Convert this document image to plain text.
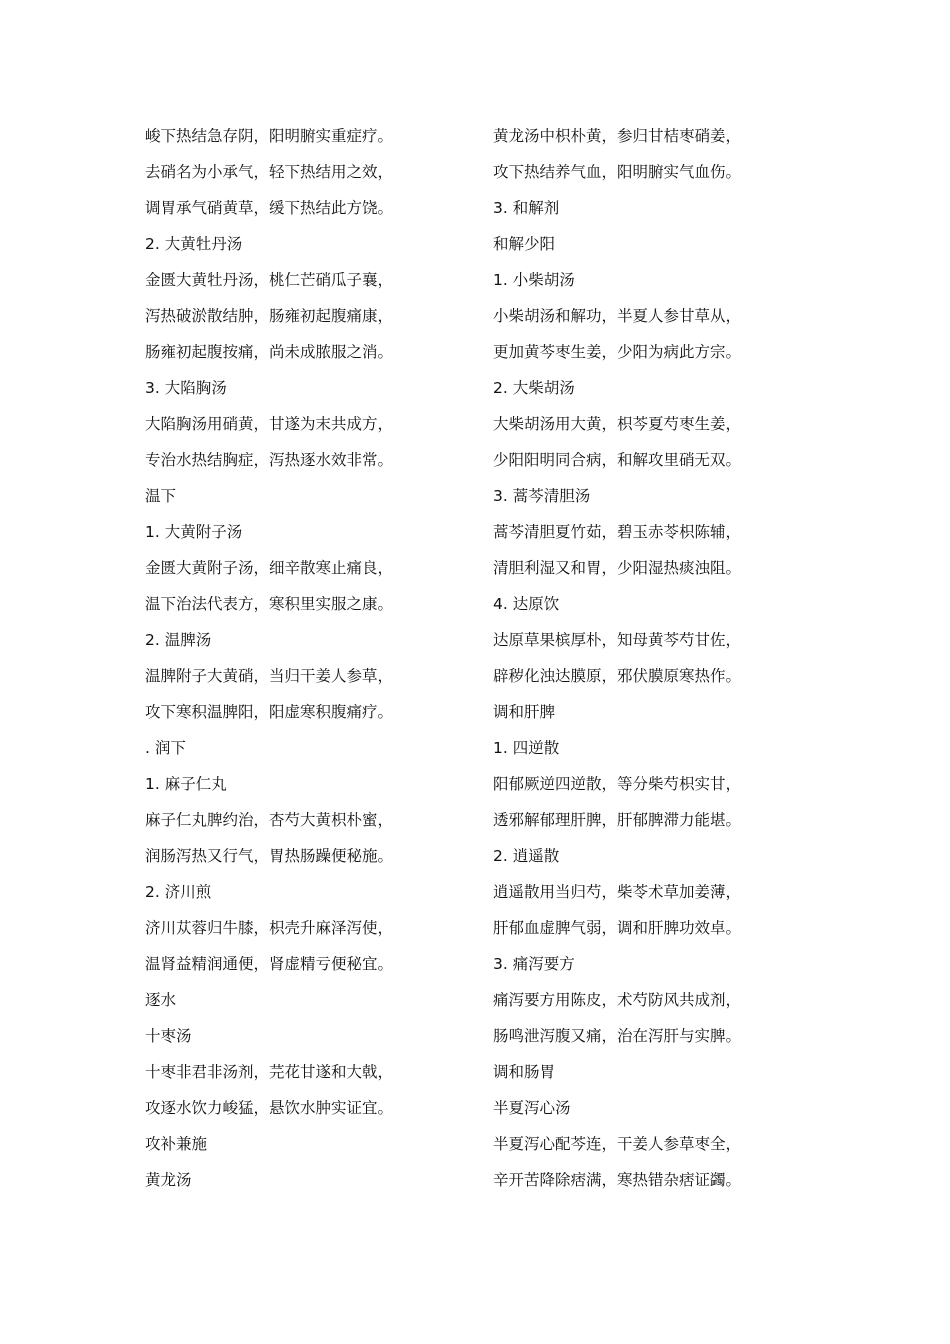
峻下热结急存阴，阳明腑实重症疗。
去硝名为小承气，轻下热结用之效，
调胃承气硝黄草，缓下热结此方饶。
2. 大黄牡丹汤
金匮大黄牡丹汤，桃仁芒硝瓜子襄，
泻热破淤散结肿，肠雍初起腹痛康，
肠雍初起腹按痛，尚未成脓服之消。
3. 大陷胸汤
大陷胸汤用硝黄，甘遂为末共成方，
专治水热结胸症，泻热逐水效非常。
温下
1. 大黄附子汤
金匮大黄附子汤，细辛散寒止痛良，
温下治法代表方，寒积里实服之康。
2. 温脾汤
温脾附子大黄硝，当归干姜人参草，
攻下寒积温脾阳，阳虚寒积腹痛疗。
. 润下
1. 麻子仁丸
麻子仁丸脾约治，杏芍大黄枳朴蜜，
润肠泻热又行气，胃热肠躁便秘施。
2. 济川煎
济川苁蓉归牛膝，枳壳升麻泽泻使，
温肾益精润通便，肾虚精亏便秘宜。
逐水
十枣汤
十枣非君非汤剂，芫花甘遂和大戟，
攻逐水饮力峻猛，悬饮水肿实证宜。
攻补兼施
黄龙汤
黄龙汤中枳朴黄，参归甘桔枣硝姜，
攻下热结养气血，阳明腑实气血伤。
3. 和解剂
和解少阳
1. 小柴胡汤
小柴胡汤和解功，半夏人参甘草从，
更加黄芩枣生姜，少阳为病此方宗。
2. 大柴胡汤
大柴胡汤用大黄，枳芩夏芍枣生姜，
少阳阳明同合病，和解攻里硝无双。
3. 蒿芩清胆汤
蒿芩清胆夏竹茹，碧玉赤苓枳陈辅，
清胆利湿又和胃，少阳湿热痰浊阻。
4. 达原饮
达原草果槟厚朴，知母黄芩芍甘佐，
辟秽化浊达膜原，邪伏膜原寒热作。
调和肝脾
1. 四逆散
阳郁厥逆四逆散，等分柴芍枳实甘，
透邪解郁理肝脾，肝郁脾滞力能堪。
2. 逍遥散
逍遥散用当归芍，柴苓术草加姜薄，
肝郁血虚脾气弱，调和肝脾功效卓。
3. 痛泻要方
痛泻要方用陈皮，术芍防风共成剂，
肠鸣泄泻腹又痛，治在泻肝与实脾。
调和肠胃
半夏泻心汤
半夏泻心配芩连，干姜人参草枣全，
辛开苦降除痞满，寒热错杂痞证蠲。
